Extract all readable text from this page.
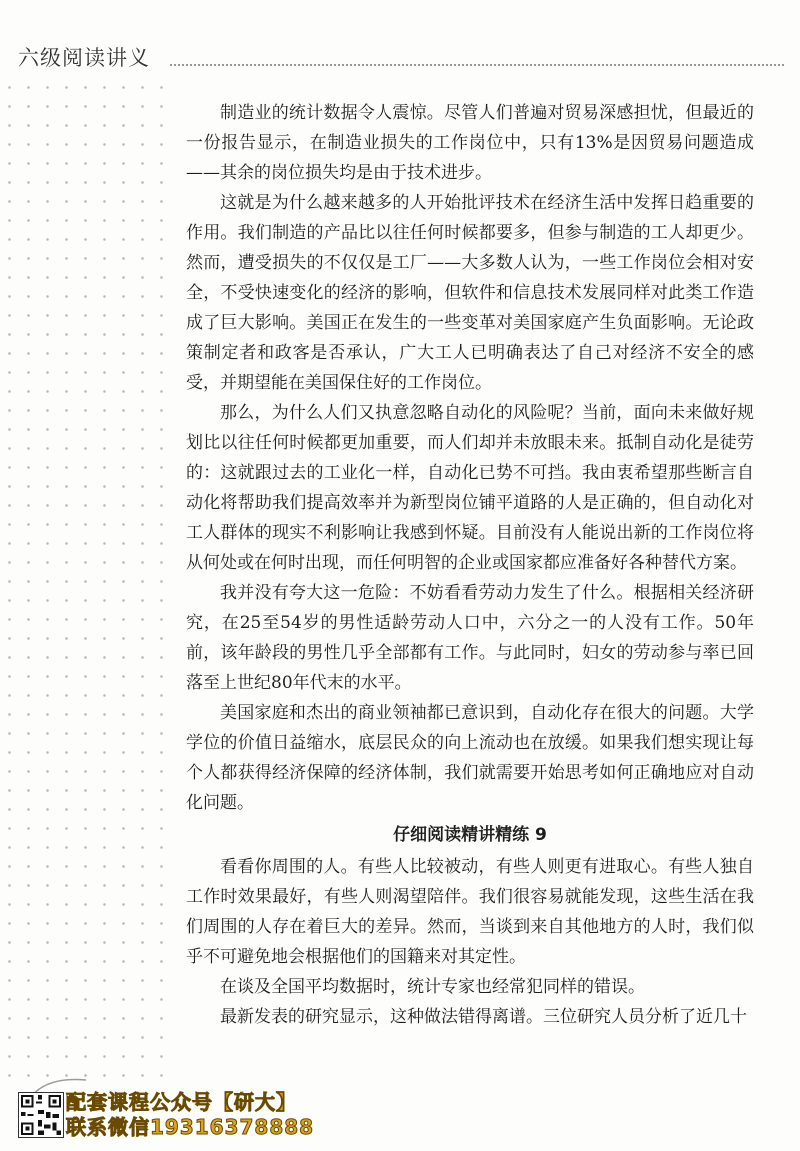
六级阅读讲义

制造业的统计数据令人震惊。尽管人们普遍对贸易深感担忧，但最近的一份报告显示，在制造业损失的工作岗位中，只有13%是因贸易问题造成——其余的岗位损失均是由于技术进步。

这就是为什么越来越多的人开始批评技术在经济生活中发挥日趋重要的作用。我们制造的产品比以往任何时候都要多，但参与制造的工人却更少。然而，遭受损失的不仅仅是工厂——大多数人认为，一些工作岗位会相对安全，不受快速变化的经济的影响，但软件和信息技术发展同样对此类工作造成了巨大影响。美国正在发生的一些变革对美国家庭产生负面影响。无论政策制定者和政客是否承认，广大工人已明确表达了自己对经济不安全的感受，并期望能在美国保住好的工作岗位。

那么，为什么人们又执意忽略自动化的风险呢？当前，面向未来做好规划比以往任何时候都更加重要，而人们却并未放眼未来。抵制自动化是徒劳的：这就跟过去的工业化一样，自动化已势不可挡。我由衷希望那些断言自动化将帮助我们提高效率并为新型岗位铺平道路的人是正确的，但自动化对工人群体的现实不利影响让我感到怀疑。目前没有人能说出新的工作岗位将从何处或在何时出现，而任何明智的企业或国家都应准备好各种替代方案。

我并没有夸大这一危险：不妨看看劳动力发生了什么。根据相关经济研究，在25至54岁的男性适龄劳动人口中，六分之一的人没有工作。50年前，该年龄段的男性几乎全部都有工作。与此同时，妇女的劳动参与率已回落至上世纪80年代末的水平。

美国家庭和杰出的商业领袖都已意识到，自动化存在很大的问题。大学学位的价值日益缩水，底层民众的向上流动也在放缓。如果我们想实现让每个人都获得经济保障的经济体制，我们就需要开始思考如何正确地应对自动化问题。

仔细阅读精讲精练 9

看看你周围的人。有些人比较被动，有些人则更有进取心。有些人独自工作时效果最好，有些人则渴望陪伴。我们很容易就能发现，这些生活在我们周围的人存在着巨大的差异。然而，当谈到来自其他地方的人时，我们似乎不可避免地会根据他们的国籍来对其定性。

在谈及全国平均数据时，统计专家也经常犯同样的错误。

最新发表的研究显示，这种做法错得离谱。三位研究人员分析了近几十

配套课程公众号【研大】
联系微信19316378888
